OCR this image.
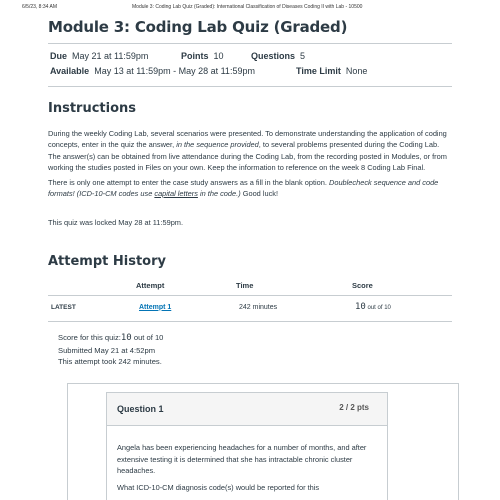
6/5/23, 8:34 AM	Module 3: Coding Lab Quiz (Graded): International Classification of Diseases Coding II with Lab - 10500
Module 3: Coding Lab Quiz (Graded)
Due May 21 at 11:59pm	Points 10	Questions 5
Available May 13 at 11:59pm - May 28 at 11:59pm	Time Limit None
Instructions

During the weekly Coding Lab, several scenarios were presented. To demonstrate understanding the application of coding concepts, enter in the quiz the answer, in the sequence provided, to several problems presented during the Coding Lab. The answer(s) can be obtained from live attendance during the Coding Lab, from the recording posted in Modules, or from working the studies posted in Files on your own. Keep the information to reference on the week 8 Coding Lab Final.

There is only one attempt to enter the case study answers as a fill in the blank option. Doublecheck sequence and code formats! (ICD-10-CM codes use capital letters in the code.) Good luck!

This quiz was locked May 28 at 11:59pm.
Attempt History
	Attempt	Time	Score
LATEST	Attempt 1	242 minutes	10 out of 10
Score for this quiz:10 out of 10
Submitted May 21 at 4:52pm
This attempt took 242 minutes.
Question 1	2 / 2 pts

Angela has been experiencing headaches for a number of months, and after extensive testing it is determined that she has intractable chronic cluster headaches.

What ICD-10-CM diagnosis code(s) would be reported for this
